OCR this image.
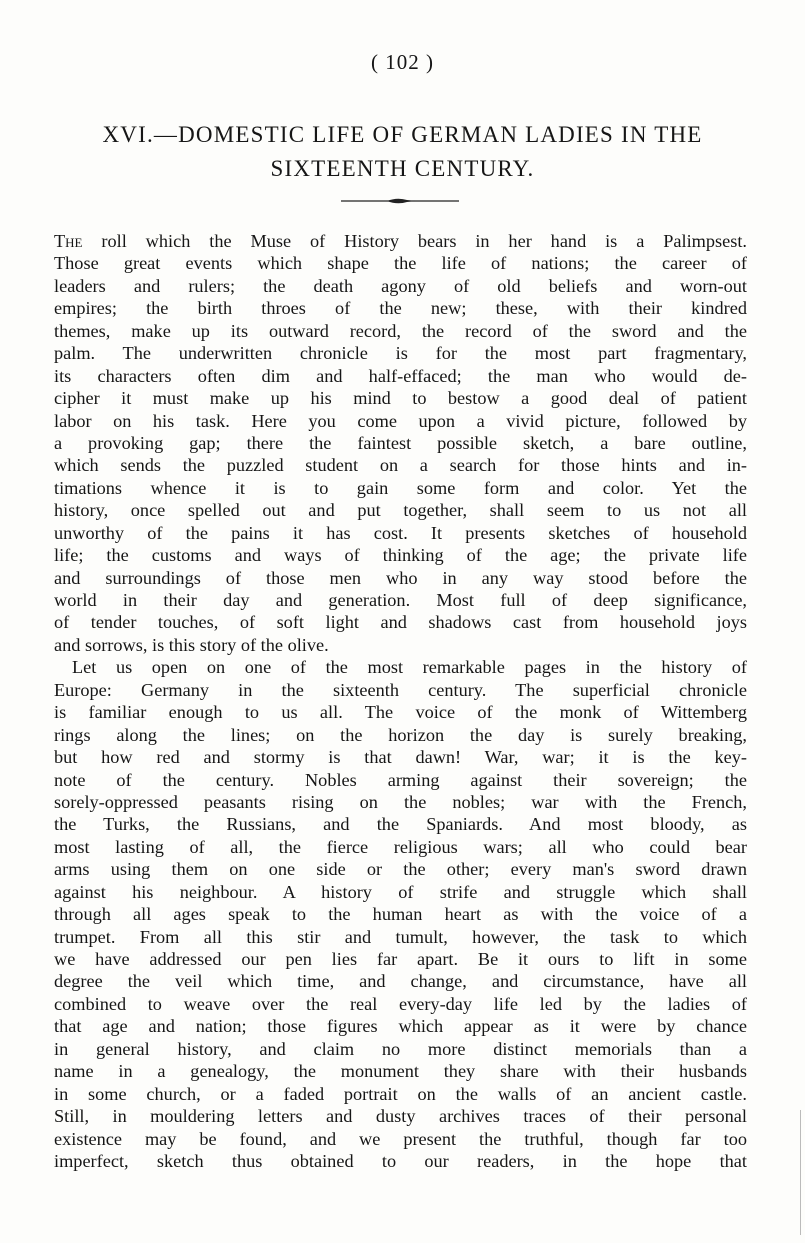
( 102 )
XVI.—DOMESTIC LIFE OF GERMAN LADIES IN THE
SIXTEENTH CENTURY.
The roll which the Muse of History bears in her hand is a Palimpsest.
Those great events which shape the life of nations; the career of
leaders and rulers; the death agony of old beliefs and worn-out
empires; the birth throes of the new; these, with their kindred
themes, make up its outward record, the record of the sword and the
palm. The underwritten chronicle is for the most part fragmentary,
its characters often dim and half-effaced; the man who would de-
cipher it must make up his mind to bestow a good deal of patient
labor on his task. Here you come upon a vivid picture, followed by
a provoking gap; there the faintest possible sketch, a bare outline,
which sends the puzzled student on a search for those hints and in-
timations whence it is to gain some form and color. Yet the
history, once spelled out and put together, shall seem to us not all
unworthy of the pains it has cost. It presents sketches of household
life; the customs and ways of thinking of the age; the private life
and surroundings of those men who in any way stood before the
world in their day and generation. Most full of deep significance,
of tender touches, of soft light and shadows cast from household joys
and sorrows, is this story of the olive.
Let us open on one of the most remarkable pages in the history of
Europe: Germany in the sixteenth century. The superficial chronicle
is familiar enough to us all. The voice of the monk of Wittemberg
rings along the lines; on the horizon the day is surely breaking,
but how red and stormy is that dawn! War, war; it is the key-
note of the century. Nobles arming against their sovereign; the
sorely-oppressed peasants rising on the nobles; war with the French,
the Turks, the Russians, and the Spaniards. And most bloody, as
most lasting of all, the fierce religious wars; all who could bear
arms using them on one side or the other; every man's sword drawn
against his neighbour. A history of strife and struggle which shall
through all ages speak to the human heart as with the voice of a
trumpet. From all this stir and tumult, however, the task to which
we have addressed our pen lies far apart. Be it ours to lift in some
degree the veil which time, and change, and circumstance, have all
combined to weave over the real every-day life led by the ladies of
that age and nation; those figures which appear as it were by chance
in general history, and claim no more distinct memorials than a
name in a genealogy, the monument they share with their husbands
in some church, or a faded portrait on the walls of an ancient castle.
Still, in mouldering letters and dusty archives traces of their personal
existence may be found, and we present the truthful, though far too
imperfect, sketch thus obtained to our readers, in the hope that
